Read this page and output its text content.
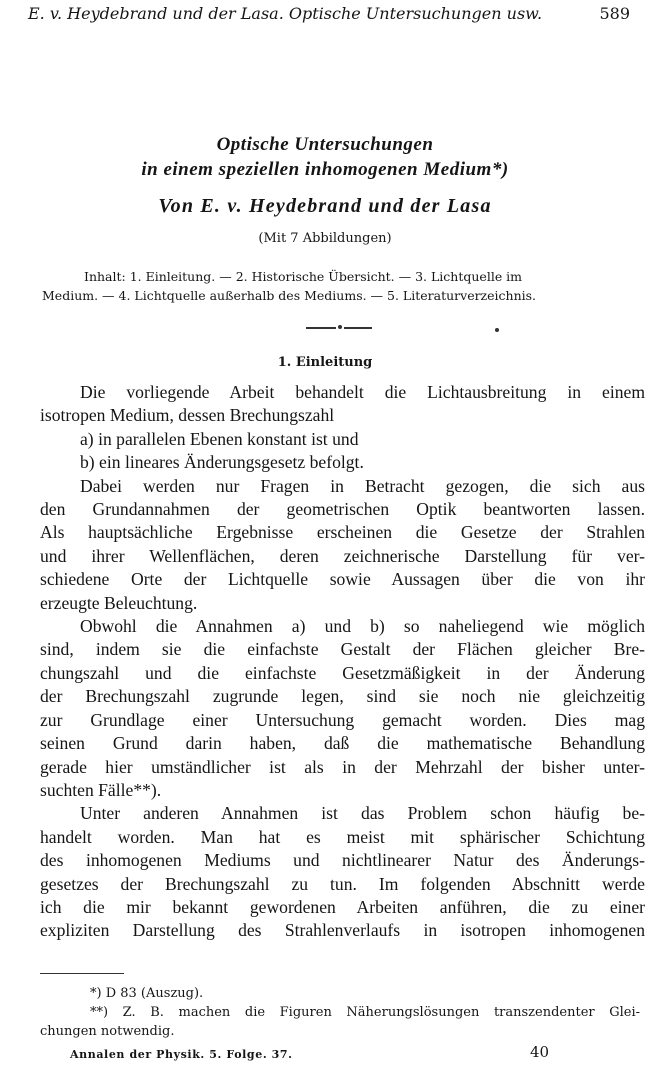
E. v. Heydebrand und der Lasa. Optische Untersuchungen usw.	589
Optische Untersuchungen
in einem speziellen inhomogenen Medium*)
Von E. v. Heydebrand und der Lasa
(Mit 7 Abbildungen)
Inhalt: 1. Einleitung. — 2. Historische Übersicht. — 3. Lichtquelle im
Medium. — 4. Lichtquelle außerhalb des Mediums. — 5. Literaturverzeichnis.
1. Einleitung
Die vorliegende Arbeit behandelt die Lichtausbreitung in einem
isotropen Medium, dessen Brechungszahl
a) in parallelen Ebenen konstant ist und
b) ein lineares Änderungsgesetz befolgt.
Dabei werden nur Fragen in Betracht gezogen, die sich aus
den Grundannahmen der geometrischen Optik beantworten lassen.
Als hauptsächliche Ergebnisse erscheinen die Gesetze der Strahlen
und ihrer Wellenflächen, deren zeichnerische Darstellung für ver-
schiedene Orte der Lichtquelle sowie Aussagen über die von ihr
erzeugte Beleuchtung.
Obwohl die Annahmen a) und b) so naheliegend wie möglich
sind, indem sie die einfachste Gestalt der Flächen gleicher Bre-
chungszahl und die einfachste Gesetzmäßigkeit in der Änderung
der Brechungszahl zugrunde legen, sind sie noch nie gleichzeitig
zur Grundlage einer Untersuchung gemacht worden. Dies mag
seinen Grund darin haben, daß die mathematische Behandlung
gerade hier umständlicher ist als in der Mehrzahl der bisher unter-
suchten Fälle**).
Unter anderen Annahmen ist das Problem schon häufig be-
handelt worden. Man hat es meist mit sphärischer Schichtung
des inhomogenen Mediums und nichtlinearer Natur des Änderungs-
gesetzes der Brechungszahl zu tun. Im folgenden Abschnitt werde
ich die mir bekannt gewordenen Arbeiten anführen, die zu einer
expliziten Darstellung des Strahlenverlaufs in isotropen inhomogenen
*) D 83 (Auszug).
**) Z. B. machen die Figuren Näherungslösungen transzendenter Glei-
chungen notwendig.
Annalen der Physik. 5. Folge. 37.	40
